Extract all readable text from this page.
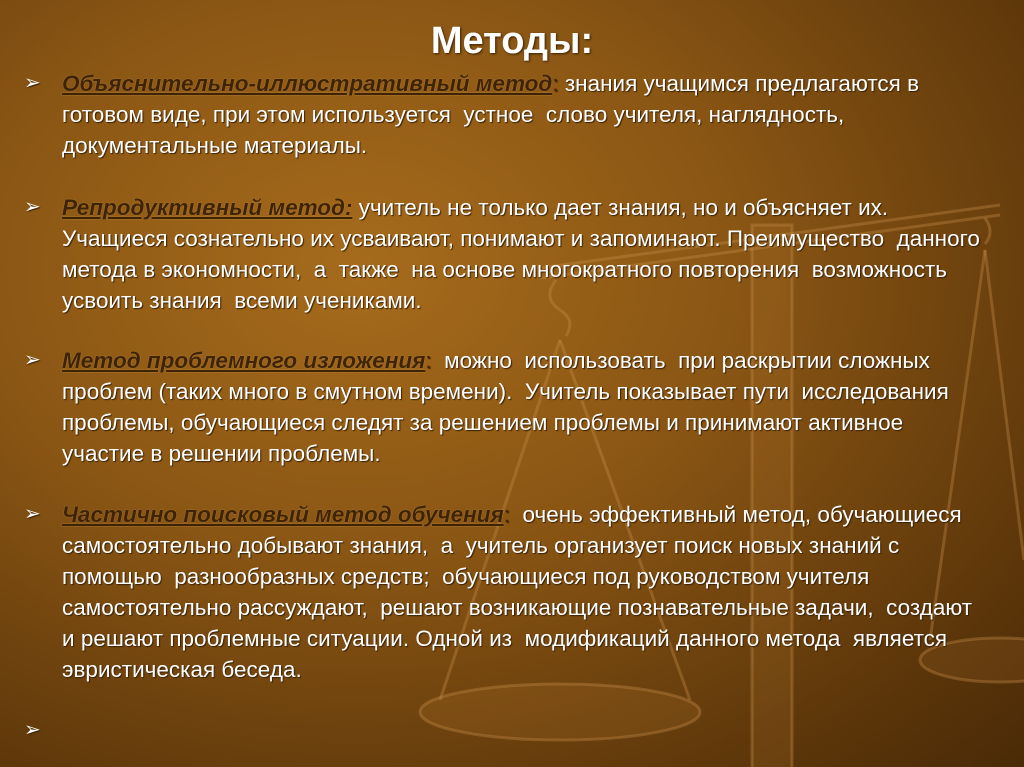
Методы:
➢ Объяснительно-иллюстративный метод: знания учащимся предлагаются в готовом виде, при этом используется  устное  слово учителя, наглядность, документальные материалы.
➢ Репродуктивный метод: учитель не только дает знания, но и объясняет их. Учащиеся сознательно их усваивают, понимают и запоминают. Преимущество  данного метода в экономности,  а  также  на основе многократного повторения  возможность усвоить знания  всеми учениками.
➢ Метод проблемного изложения:  можно  использовать  при раскрытии сложных проблем (таких много в смутном времени).  Учитель показывает пути  исследования проблемы, обучающиеся следят за решением проблемы и принимают активное участие в решении проблемы.
➢ Частично поисковый метод обучения:  очень эффективный метод, обучающиеся самостоятельно добывают знания,  а  учитель организует поиск новых знаний с помощью  разнообразных средств;  обучающиеся под руководством учителя самостоятельно рассуждают,  решают возникающие познавательные задачи,  создают и решают проблемные ситуации. Одной из  модификаций данного метода  является эвристическая беседа.
➢
